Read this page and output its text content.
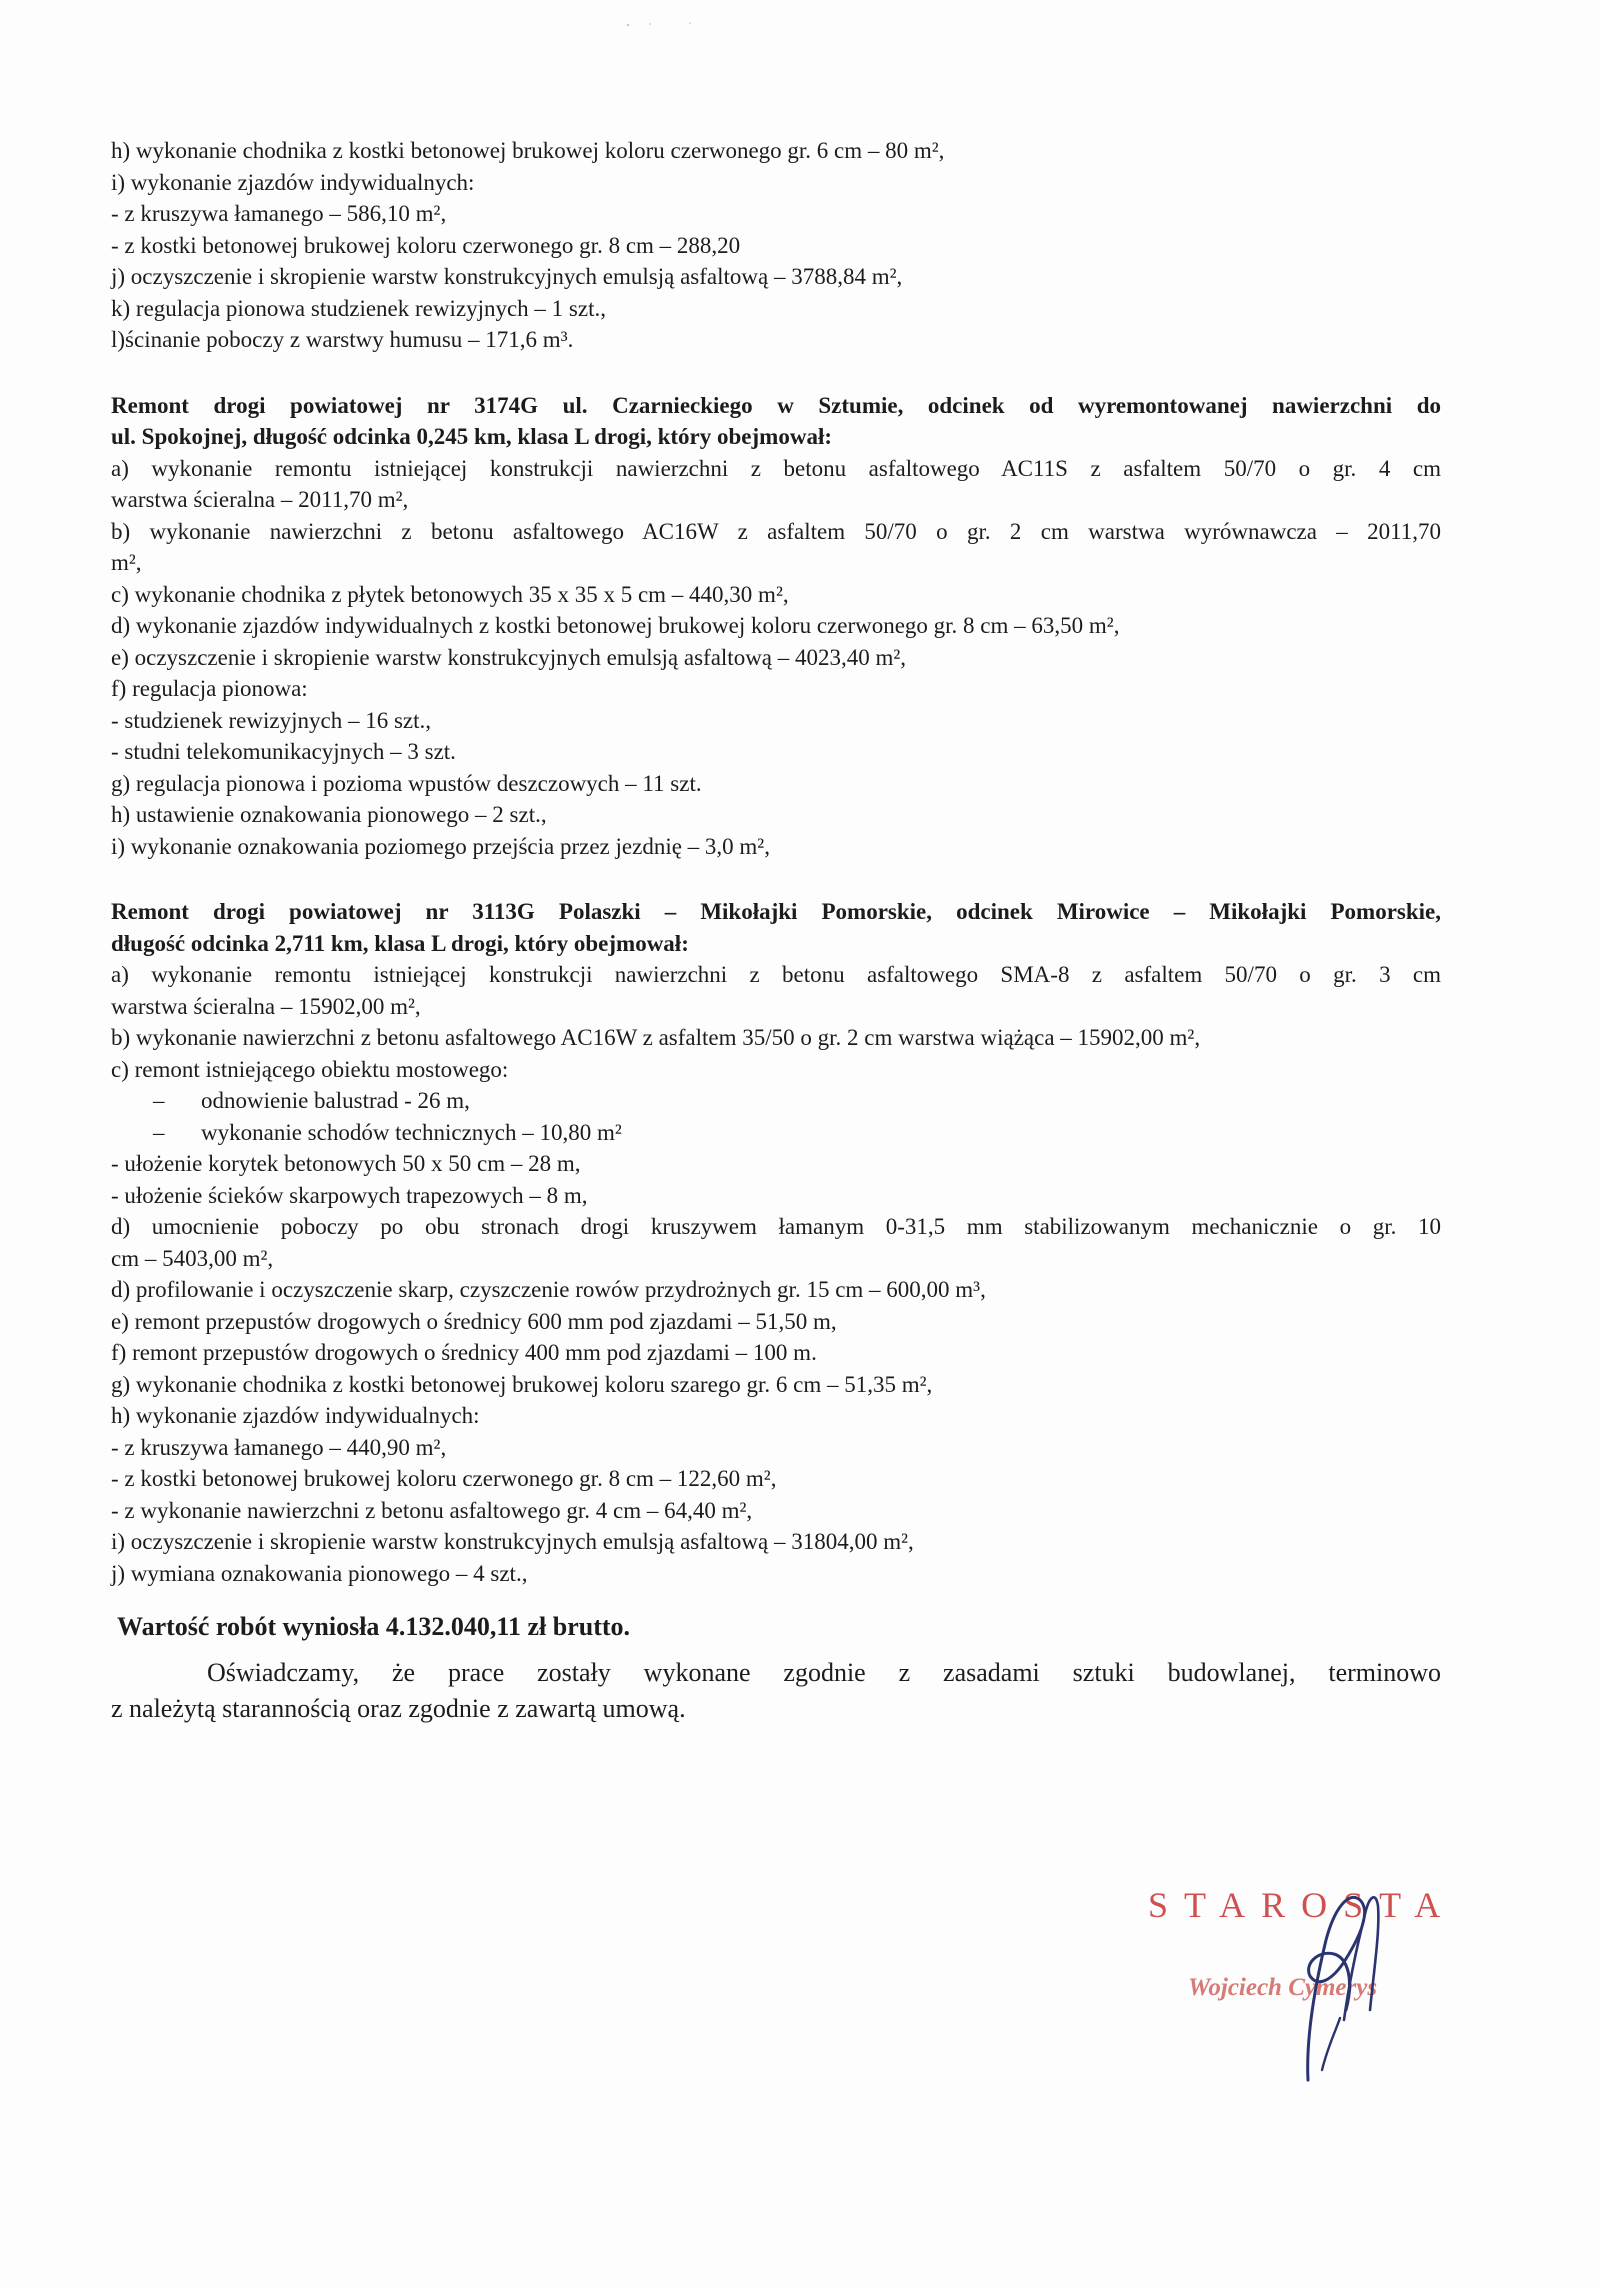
h) wykonanie chodnika z kostki betonowej brukowej koloru czerwonego gr. 6 cm – 80 m²,
i) wykonanie zjazdów indywidualnych:
- z kruszywa łamanego – 586,10 m²,
- z kostki betonowej brukowej koloru czerwonego gr. 8 cm – 288,20
j) oczyszczenie i skropienie warstw konstrukcyjnych emulsją asfaltową – 3788,84 m²,
k) regulacja pionowa studzienek rewizyjnych – 1 szt.,
l)ścinanie poboczy z warstwy humusu – 171,6 m³.
Remont drogi powiatowej nr 3174G ul. Czarnieckiego w Sztumie, odcinek od wyremontowanej nawierzchni do
ul. Spokojnej, długość odcinka 0,245 km, klasa L drogi, który obejmował:
a) wykonanie remontu istniejącej konstrukcji nawierzchni z betonu asfaltowego AC11S z asfaltem 50/70 o gr. 4 cm
warstwa ścieralna – 2011,70 m²,
b) wykonanie nawierzchni z betonu asfaltowego AC16W z asfaltem 50/70 o gr. 2 cm warstwa wyrównawcza – 2011,70
m²,
c) wykonanie chodnika z płytek betonowych 35 x 35 x 5 cm – 440,30 m²,
d) wykonanie zjazdów indywidualnych z kostki betonowej brukowej koloru czerwonego gr. 8 cm – 63,50 m²,
e) oczyszczenie i skropienie warstw konstrukcyjnych emulsją asfaltową – 4023,40 m²,
f) regulacja pionowa:
- studzienek rewizyjnych – 16 szt.,
- studni telekomunikacyjnych – 3 szt.
g) regulacja pionowa i pozioma wpustów deszczowych – 11 szt.
h) ustawienie oznakowania pionowego – 2 szt.,
i) wykonanie oznakowania poziomego przejścia przez jezdnię – 3,0 m²,
Remont drogi powiatowej nr 3113G Polaszki – Mikołajki Pomorskie, odcinek Mirowice – Mikołajki Pomorskie,
długość odcinka 2,711 km, klasa L drogi, który obejmował:
a) wykonanie remontu istniejącej konstrukcji nawierzchni z betonu asfaltowego SMA-8 z asfaltem 50/70 o gr. 3 cm
warstwa ścieralna – 15902,00 m²,
b) wykonanie nawierzchni z betonu asfaltowego AC16W z asfaltem 35/50 o gr. 2 cm warstwa wiążąca – 15902,00 m²,
c) remont istniejącego obiektu mostowego:
– odnowienie balustrad - 26 m,
– wykonanie schodów technicznych – 10,80 m²
- ułożenie korytek betonowych 50 x 50 cm – 28 m,
- ułożenie ścieków skarpowych trapezowych – 8 m,
d) umocnienie poboczy po obu stronach drogi kruszywem łamanym 0-31,5 mm stabilizowanym mechanicznie o gr. 10
cm – 5403,00 m²,
d) profilowanie i oczyszczenie skarp, czyszczenie rowów przydrożnych gr. 15 cm – 600,00 m³,
e) remont przepustów drogowych o średnicy 600 mm pod zjazdami – 51,50 m,
f) remont przepustów drogowych o średnicy 400 mm pod zjazdami – 100 m.
g) wykonanie chodnika z kostki betonowej brukowej koloru szarego gr. 6 cm – 51,35 m²,
h) wykonanie zjazdów indywidualnych:
- z kruszywa łamanego – 440,90 m²,
- z kostki betonowej brukowej koloru czerwonego gr. 8 cm – 122,60 m²,
- z wykonanie nawierzchni z betonu asfaltowego gr. 4 cm – 64,40 m²,
i) oczyszczenie i skropienie warstw konstrukcyjnych emulsją asfaltową – 31804,00 m²,
j) wymiana oznakowania pionowego – 4 szt.,
Wartość robót wyniosła 4.132.040,11 zł brutto.
Oświadczamy, że prace zostały wykonane zgodnie z zasadami sztuki budowlanej, terminowo
z należytą starannością oraz zgodnie z zawartą umową.
STAROSTA
Wojciech Cymerys
